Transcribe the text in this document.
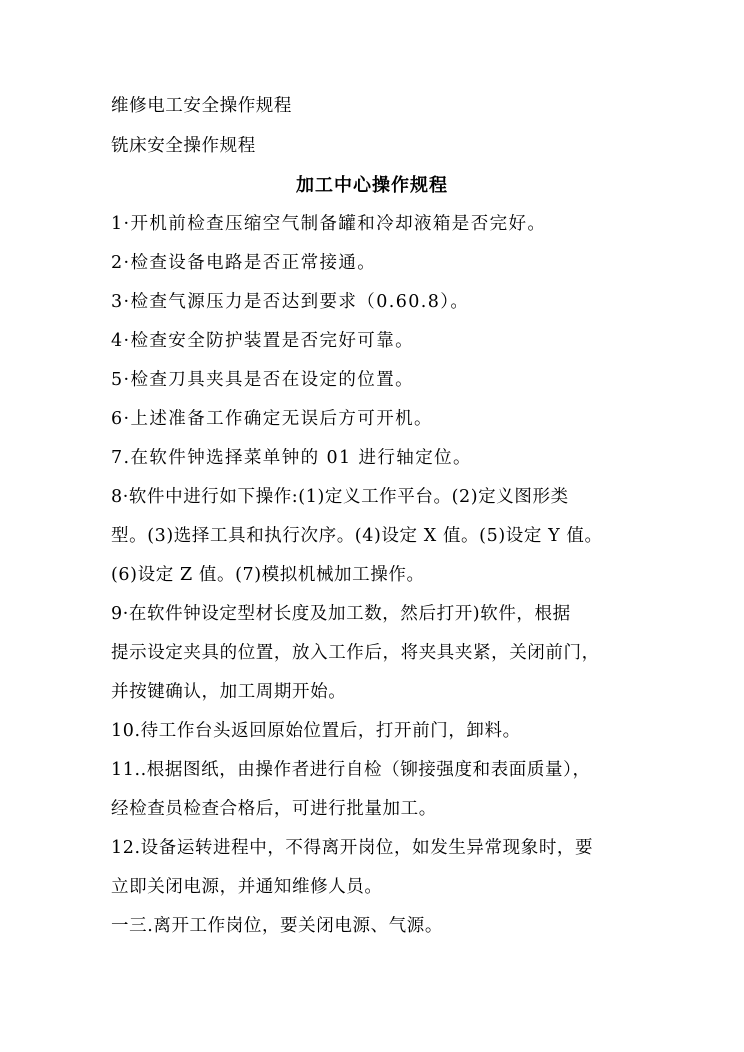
维修电工安全操作规程
铣床安全操作规程
加工中心操作规程
1·开机前检查压缩空气制备罐和冷却液箱是否完好。
2·检查设备电路是否正常接通。
3·检查气源压力是否达到要求（0.60.8）。
4·检查安全防护装置是否完好可靠。
5·检查刀具夹具是否在设定的位置。
6·上述准备工作确定无误后方可开机。
7.在软件钟选择菜单钟的 01 进行轴定位。
8·软件中进行如下操作:(1)定义工作平台。(2)定义图形类
型。(3)选择工具和执行次序。(4)设定 X 值。(5)设定 Y 值。
(6)设定 Z 值。(7)模拟机械加工操作。
9·在软件钟设定型材长度及加工数，然后打开)软件，根据
提示设定夹具的位置，放入工作后，将夹具夹紧，关闭前门，
并按键确认，加工周期开始。
10.待工作台头返回原始位置后，打开前门，卸料。
11..根据图纸，由操作者进行自检（铆接强度和表面质量），
经检查员检查合格后，可进行批量加工。
12.设备运转进程中，不得离开岗位，如发生异常现象时，要
立即关闭电源，并通知维修人员。
一三.离开工作岗位，要关闭电源、气源。
